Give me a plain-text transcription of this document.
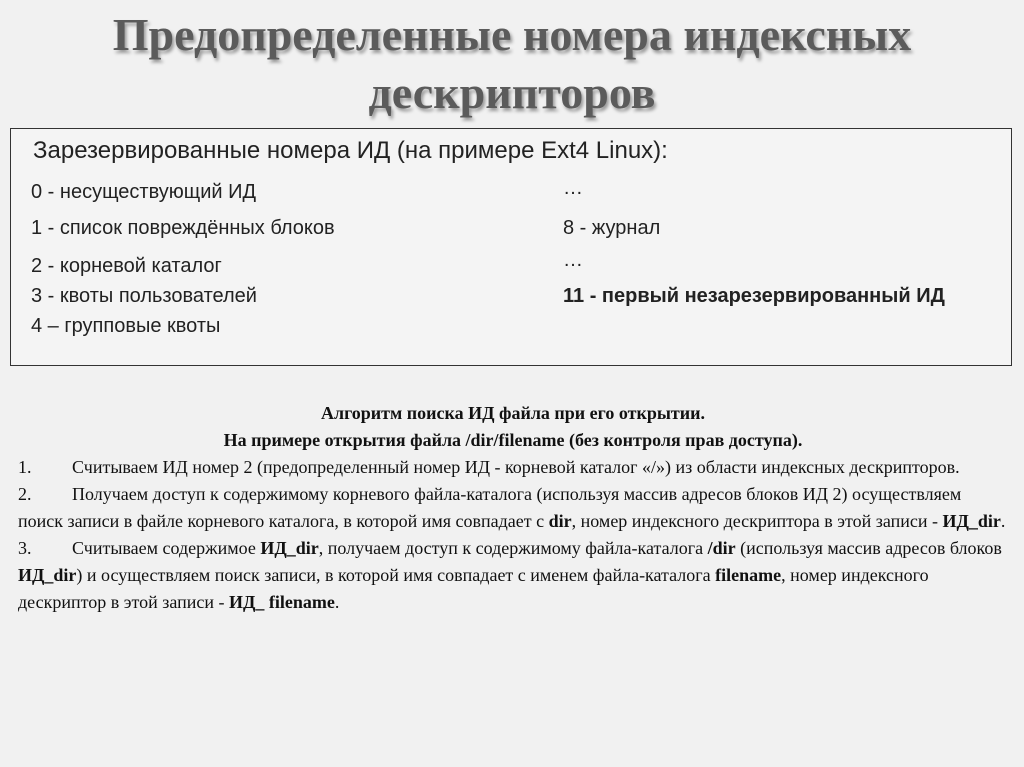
Предопределенные номера индексных
дескрипторов
Зарезервированные номера ИД (на примере Ext4 Linux):
0 - несуществующий ИД
1 - список повреждённых блоков
2 - корневой каталог
3 - квоты пользователей
4 – групповые квоты
…
8 - журнал
…
11 - первый незарезервированный ИД

Алгоритм поиска ИД файла при его открытии.

На примере открытия файла /dir/filename (без контроля прав доступа).

1. Считываем ИД номер 2 (предопределенный номер ИД - корневой каталог «/») из области индексных дескрипторов.

2. Получаем доступ к содержимому корневого файла-каталога (используя массив адресов блоков ИД 2) осуществляем поиск записи в файле корневого каталога, в которой имя совпадает с dir, номер индексного дескриптора в этой записи - ИД_dir.

3. Считываем содержимое ИД_dir, получаем доступ к содержимому файла-каталога /dir (используя массив адресов блоков ИД_dir) и осуществляем поиск записи, в которой имя совпадает с именем файла-каталога filename, номер индексного дескриптор в этой записи - ИД_ filename.
